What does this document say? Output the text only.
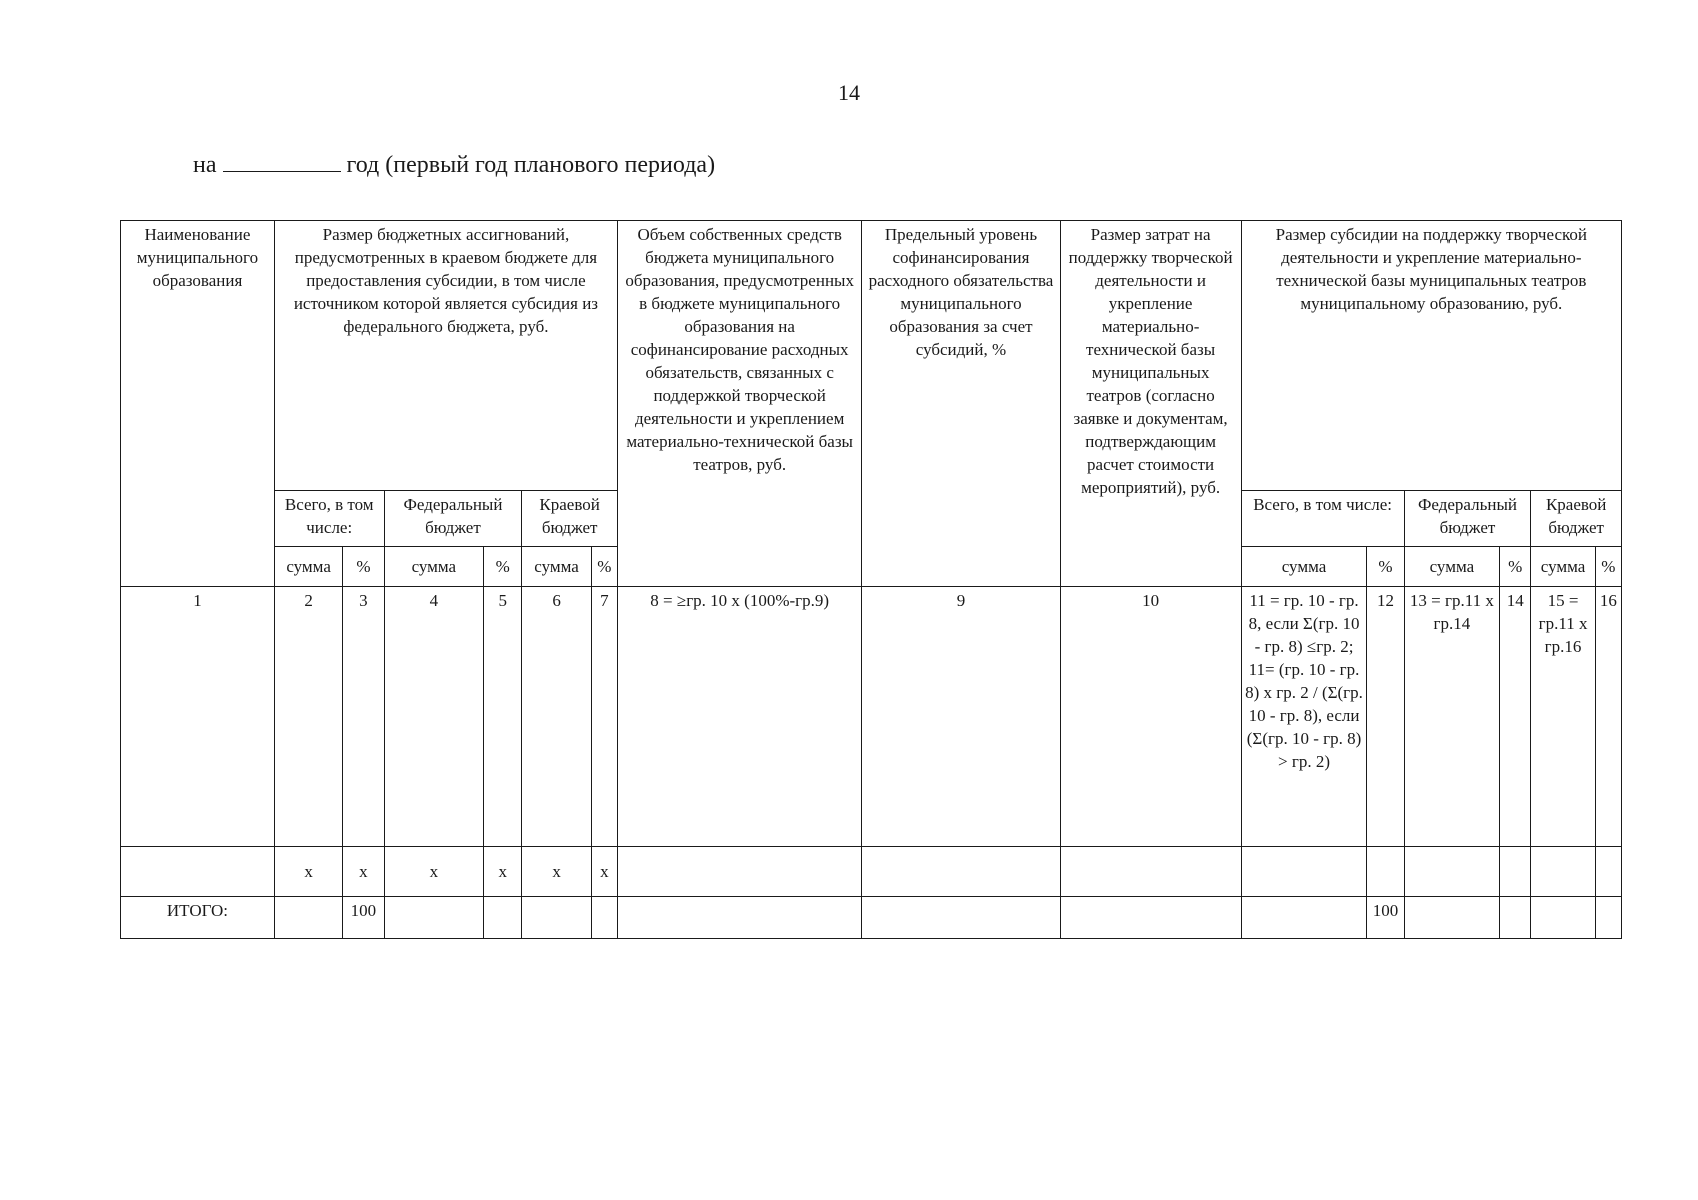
14
на	год (первый год планового периода)
Наименование муниципального образования	Размер бюджетных ассигнований, предусмотренных в краевом бюджете для предоставления субсидии, в том числе источником которой является субсидия из федерального бюджета, руб.						Объем собственных средств бюджета муниципального образования, предусмотренных в бюджете муниципального образования на софинансирование расходных обязательств, связанных с поддержкой творческой деятельности и укреплением материально-технической базы театров, руб.	Предельный уровень софинансирования расходного обязательства муниципального образования за счет субсидий, %	Размер затрат на поддержку творческой деятельности и укрепление материально-технической базы муниципальных театров (согласно заявке и документам, подтверждающим расчет стоимости мероприятий), руб.	Размер субсидии на поддержку творческой деятельности и укрепление материально-технической базы муниципальных театров муниципальному образованию, руб.					
	Всего, в том числе:		Федеральный бюджет		Краевой бюджет					Всего, в том числе:		Федеральный бюджет		Краевой бюджет	
	сумма	%	сумма	%	сумма	%				сумма	%	сумма	%	сумма	%
1	2	3	4	5	6	7	8 = ≥гр. 10 х (100%-гр.9)	9	10	11 = гр. 10 - гр. 8, если Σ(гр. 10 - гр. 8) ≤гр. 2; 11= (гр. 10 - гр. 8) х гр. 2 / (Σ(гр. 10 - гр. 8), если (Σ(гр. 10 - гр. 8) > гр. 2)	12	13 = гр.11 х гр.14	14	15 = гр.11 х гр.16	16
	х	х	х	х	х	х									
ИТОГО:		100									100				
